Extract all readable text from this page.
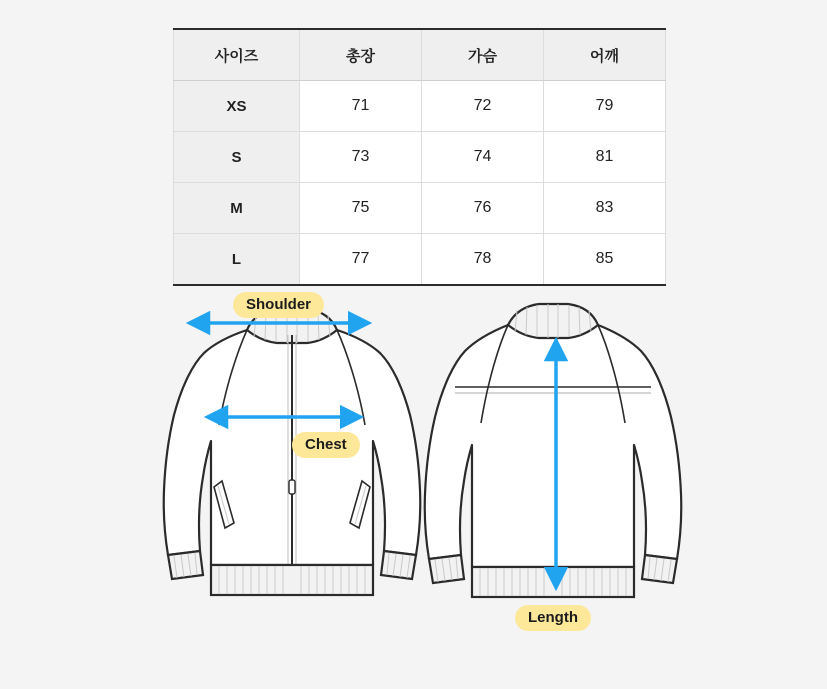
사이즈	총장	가슴	어깨
XS	71	72	79
S	73	74	81
M	75	76	83
L	77	78	85
Shoulder
Chest
Length
